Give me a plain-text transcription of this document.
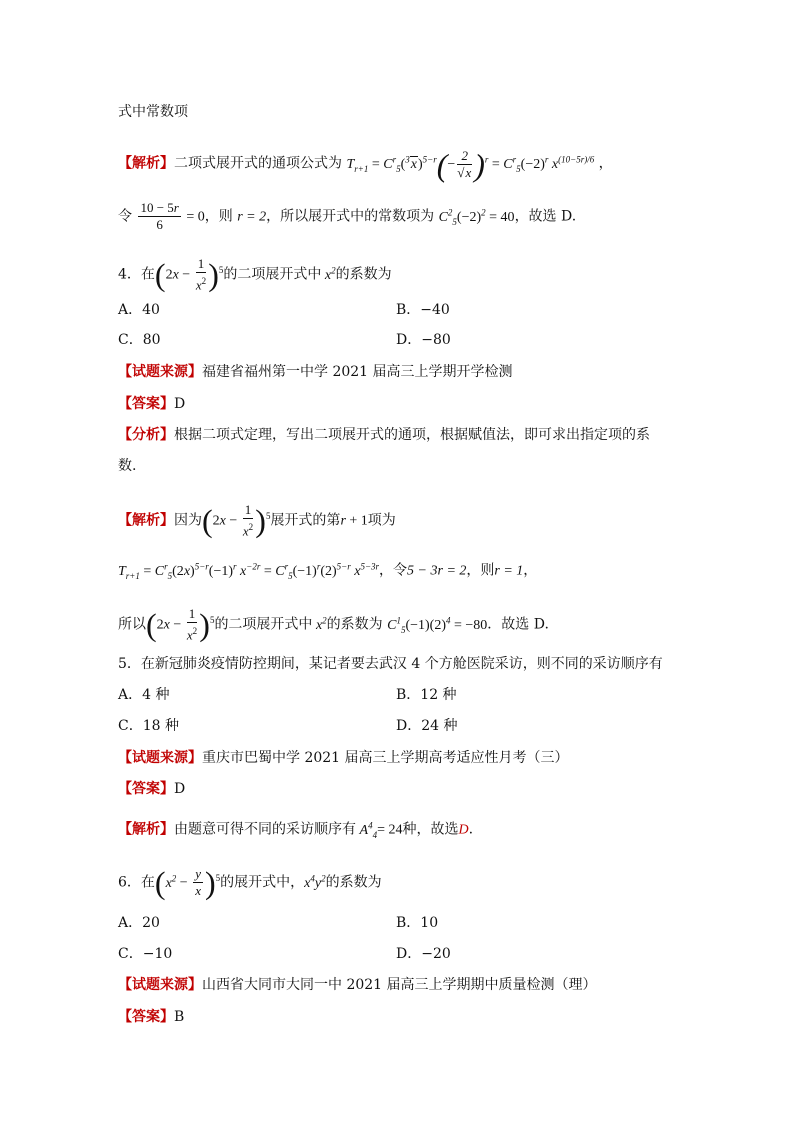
式中常数项
【解析】二项式展开式的通项公式为 $T_{r+1} = C^r_5(^3x)^{5-r}(- \frac{2}{√x} )^r = C^r_5(-2)^r$ $x^{(10-5r)/6}$ ，
令 $\frac{10 - 5r}{6} = 0$，则 r = 2，所以展开式中的常数项为 $C^2_5(-2)^2 = 40$，故选 D.
4．在$(2x - \frac{1}{x^2} )^5$的二项展开式中 $x^2$的系数为
A．40	B．−40
C．80	D．−80
【试题来源】福建省福州第一中学 2021 届高三上学期开学检测
【答案】D
【分析】根据二项式定理，写出二项展开式的通项，根据赋值法，即可求出指定项的系
数.
【解析】因为$(2x - \frac{1}{x^2} )^5$展开式的第r + 1项为
$T_{r+1} = C^r_5(2x)^{5-r}(-1)^r$ $x^{-2r} = C^r_5(-1)^r(2)^{5-r}$ $x^{5-3r}$，令5 − 3r = 2，则r = 1，
所以$(2x - \frac{1}{x^2} )^5$的二项展开式中 $x^2$的系数为 $C^1_5(-1)(2)^4 = -80$．故选 D.
5．在新冠肺炎疫情防控期间，某记者要去武汉 4 个方舱医院采访，则不同的采访顺序有
A．4 种	B．12 种
C．18 种	D．24 种
【试题来源】重庆市巴蜀中学 2021 届高三上学期高考适应性月考（三）
【答案】D
【解析】由题意可得不同的采访顺序有 $A^4_4= 24$种，故选D.
6．在$(x^2 - \frac{y}{x} )^5$的展开式中，$x^4y^2$的系数为
A．20	B．10
C．−10	D．−20
【试题来源】山西省大同市大同一中 2021 届高三上学期期中质量检测（理）
【答案】B
